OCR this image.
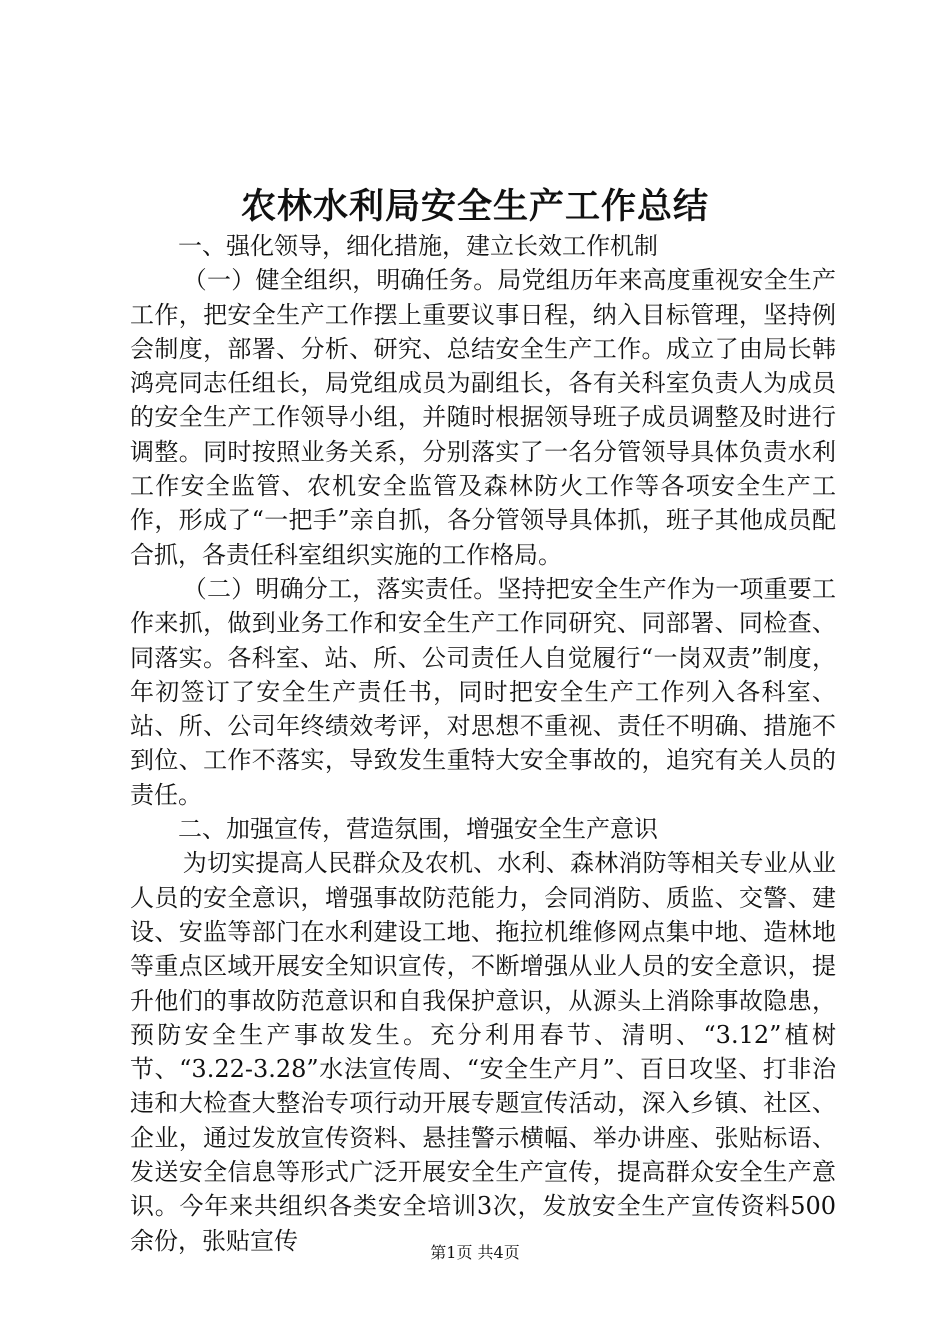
农林水利局安全生产工作总结

一、强化领导，细化措施，建立长效工作机制

（一）健全组织，明确任务。局党组历年来高度重视安全生产工作，把安全生产工作摆上重要议事日程，纳入目标管理，坚持例会制度，部署、分析、研究、总结安全生产工作。成立了由局长韩鸿亮同志任组长，局党组成员为副组长，各有关科室负责人为成员的安全生产工作领导小组，并随时根据领导班子成员调整及时进行调整。同时按照业务关系，分别落实了一名分管领导具体负责水利工作安全监管、农机安全监管及森林防火工作等各项安全生产工作，形成了“一把手”亲自抓，各分管领导具体抓，班子其他成员配合抓，各责任科室组织实施的工作格局。

（二）明确分工，落实责任。坚持把安全生产作为一项重要工作来抓，做到业务工作和安全生产工作同研究、同部署、同检查、同落实。各科室、站、所、公司责任人自觉履行“一岗双责”制度，年初签订了安全生产责任书，同时把安全生产工作列入各科室、站、所、公司年终绩效考评，对思想不重视、责任不明确、措施不到位、工作不落实，导致发生重特大安全事故的，追究有关人员的责任。

二、加强宣传，营造氛围，增强安全生产意识

为切实提高人民群众及农机、水利、森林消防等相关专业从业人员的安全意识，增强事故防范能力，会同消防、质监、交警、建设、安监等部门在水利建设工地、拖拉机维修网点集中地、造林地等重点区域开展安全知识宣传，不断增强从业人员的安全意识，提升他们的事故防范意识和自我保护意识，从源头上消除事故隐患，预防安全生产事故发生。充分利用春节、清明、“3.12”植树节、“3.22-3.28”水法宣传周、“安全生产月”、百日攻坚、打非治违和大检查大整治专项行动开展专题宣传活动，深入乡镇、社区、企业，通过发放宣传资料、悬挂警示横幅、举办讲座、张贴标语、发送安全信息等形式广泛开展安全生产宣传，提高群众安全生产意识。今年来共组织各类安全培训3次，发放安全生产宣传资料500余份，张贴宣传	第1页 共4页
